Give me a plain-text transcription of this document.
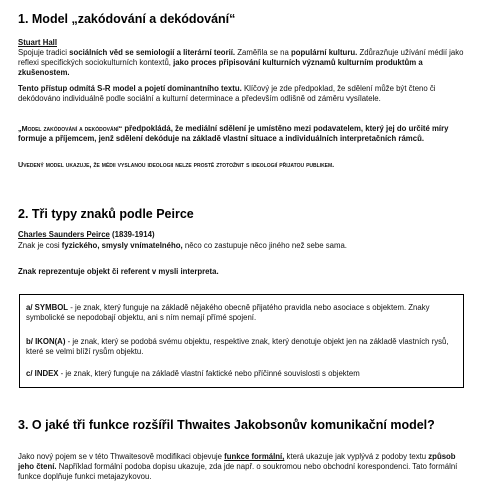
1. Model „zakódování a dekódování“
Stuart Hall
Spojuje tradici sociálních věd se semiologií a literární teorií. Zaměřila se na populární kulturu. Zdůrazňuje užívání médií jako reflexi specifických sociokulturních kontextů, jako proces připisování kulturních významů kulturním produktům a zkušenostem.
Tento přístup odmítá S-R model a pojetí dominantního textu. Klíčový je zde předpoklad, že sdělení může být čteno či dekódováno individuálně podle sociální a kulturní determinace a především odlišně od záměru vysílatele.
„Model zakódování a dekódování“ předpokládá, že mediální sdělení je umístěno mezi podavatelem, který jej do určité míry formuje a příjemcem, jenž sdělení dekóduje na základě vlastní situace a individuálních interpretačních rámců.
Uvedený model ukazuje, že médii vyslanou ideologii nelze prostě ztotožnit s ideologií přijatou publikem.
2. Tři typy znaků podle Peirce
Charles Saunders Peirce (1839-1914)
Znak je cosi fyzického, smysly vnímatelného, něco co zastupuje něco jiného než sebe sama.
Znak reprezentuje objekt či referent v mysli interpreta.
a/ SYMBOL - je znak, který funguje na základě nějakého obecně přijatého pravidla nebo asociace s objektem. Znaky symbolické se nepodobají objektu, ani s ním nemají přímé spojení.
b/ IKON(A) - je znak, který se podobá svému objektu, respektive znak, který denotuje objekt jen na základě vlastních rysů, které se velmi blíží rysům objektu.
c/ INDEX - je znak, který funguje na základě vlastní faktické nebo příčinné souvislosti s objektem
3. O jaké tři funkce rozšířil Thwaites Jakobsonův komunikační model?
Jako nový pojem se v této Thwaitesově modifikaci objevuje funkce formální, která ukazuje jak vyplývá z podoby textu způsob jeho čtení. Například formální podoba dopisu ukazuje, zda jde např. o soukromou nebo obchodní korespondenci. Tato formální funkce doplňuje funkci metajazykovou.
